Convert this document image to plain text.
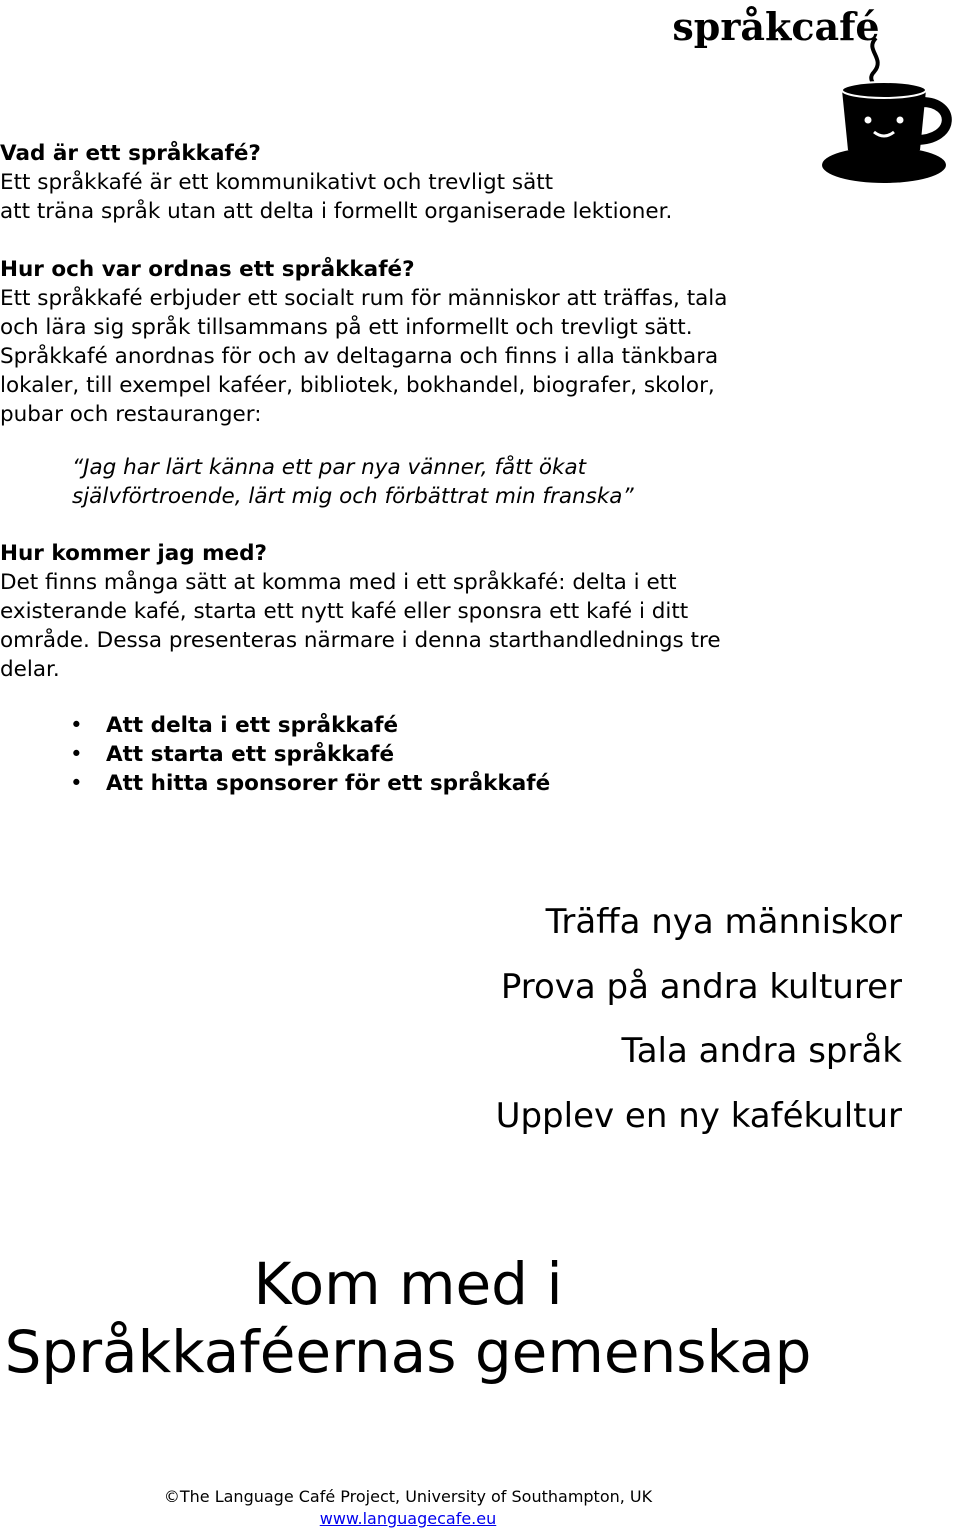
språkcafé
Vad är ett språkkafé?
Ett språkkafé är ett kommunikativt och trevligt sätt
att träna språk utan att delta i formellt organiserade lektioner.
Hur och var ordnas ett språkkafé?
Ett språkkafé erbjuder ett socialt rum för människor att träffas, tala
och lära sig språk tillsammans på ett informellt och trevligt sätt.
Språkkafé anordnas för och av deltagarna och finns i alla tänkbara
lokaler, till exempel kaféer, bibliotek, bokhandel, biografer, skolor,
pubar och restauranger:
“Jag har lärt känna ett par nya vänner, fått ökat
självförtroende, lärt mig och förbättrat min franska”
Hur kommer jag med?
Det finns många sätt at komma med i ett språkkafé: delta i ett
existerande kafé, starta ett nytt kafé eller sponsra ett kafé i ditt
område. Dessa presenteras närmare i denna starthandlednings tre
delar.
• Att delta i ett språkkafé
• Att starta ett språkkafé
• Att hitta sponsorer för ett språkkafé
Träffa nya människor
Prova på andra kulturer
Tala andra språk
Upplev en ny kafékultur
Kom med i
Språkkaféernas gemenskap
©The Language Café Project, University of Southampton, UK
www.languagecafe.eu
